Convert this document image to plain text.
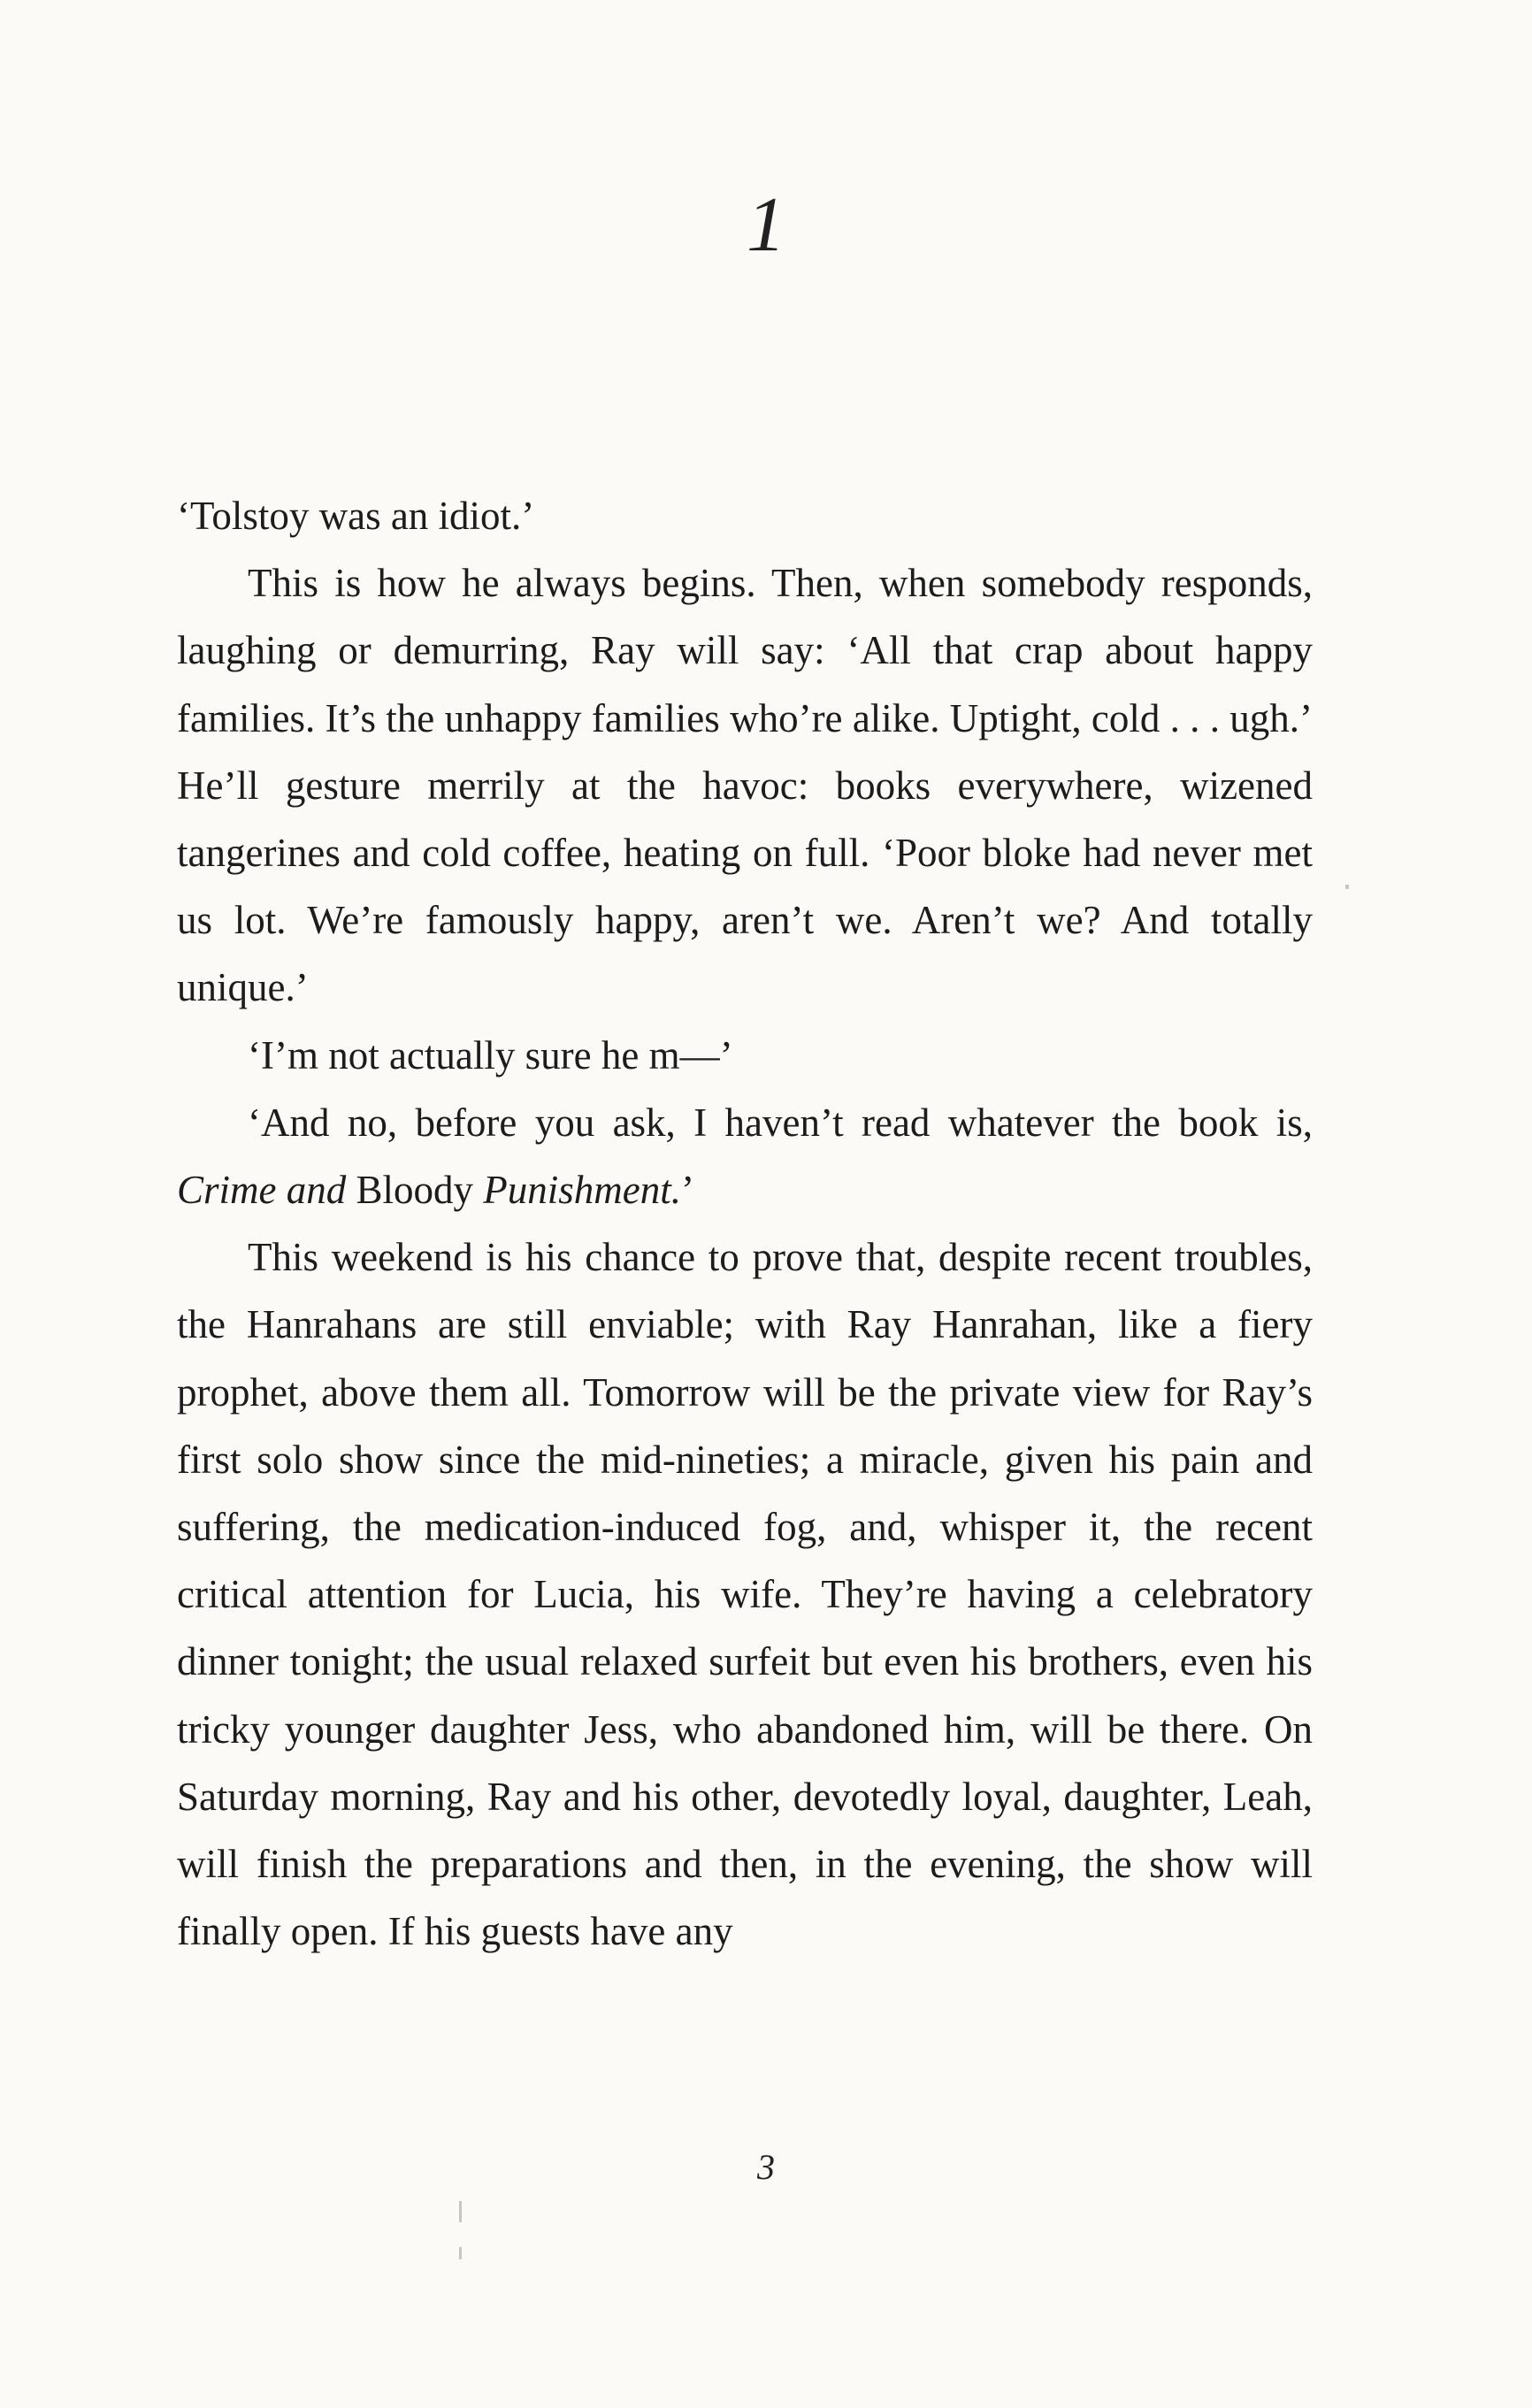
1

‘Tolstoy was an idiot.’

This is how he always begins. Then, when somebody responds, laughing or demurring, Ray will say: ‘All that crap about happy families. It’s the unhappy families who’re alike. Uptight, cold . . . ugh.’ He’ll gesture merrily at the havoc: books everywhere, wizened tangerines and cold coffee, heating on full. ‘Poor bloke had never met us lot. We’re famously happy, aren’t we. Aren’t we? And totally unique.’

‘I’m not actually sure he m—’

‘And no, before you ask, I haven’t read whatever the book is, Crime and Bloody Punishment.’

This weekend is his chance to prove that, despite recent troubles, the Hanrahans are still enviable; with Ray Hanrahan, like a fiery prophet, above them all. Tomorrow will be the private view for Ray’s first solo show since the mid-nineties; a miracle, given his pain and suffering, the medication-induced fog, and, whisper it, the recent critical attention for Lucia, his wife. They’re having a celebratory dinner tonight; the usual relaxed surfeit but even his brothers, even his tricky younger daughter Jess, who abandoned him, will be there. On Saturday morning, Ray and his other, devotedly loyal, daughter, Leah, will finish the preparations and then, in the evening, the show will finally open. If his guests have any

3
